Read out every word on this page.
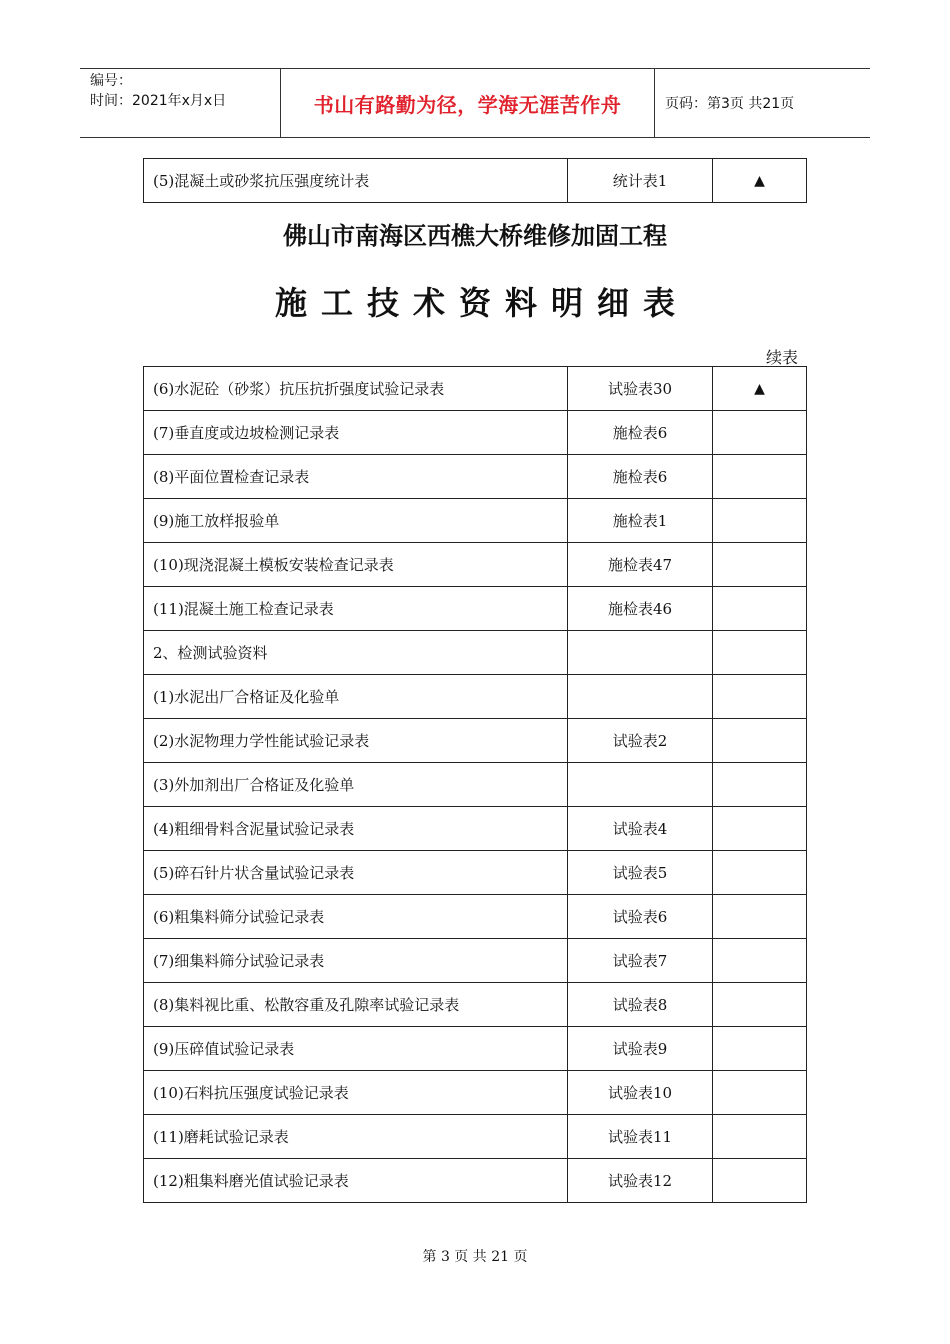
编号：
时间：2021年x月x日	书山有路勤为径，学海无涯苦作舟	页码：第3页 共21页
(5)混凝土或砂浆抗压强度统计表	统计表1	▲
佛山市南海区西樵大桥维修加固工程
施工技术资料明细表
续表
(6)水泥砼（砂浆）抗压抗折强度试验记录表	试验表30	▲
(7)垂直度或边坡检测记录表	施检表6	
(8)平面位置检查记录表	施检表6	
(9)施工放样报验单	施检表1	
(10)现浇混凝土模板安装检查记录表	施检表47	
(11)混凝土施工检查记录表	施检表46	
2、检测试验资料		
(1)水泥出厂合格证及化验单		
(2)水泥物理力学性能试验记录表	试验表2	
(3)外加剂出厂合格证及化验单		
(4)粗细骨料含泥量试验记录表	试验表4	
(5)碎石针片状含量试验记录表	试验表5	
(6)粗集料筛分试验记录表	试验表6	
(7)细集料筛分试验记录表	试验表7	
(8)集料视比重、松散容重及孔隙率试验记录表	试验表8	
(9)压碎值试验记录表	试验表9	
(10)石料抗压强度试验记录表	试验表10	
(11)磨耗试验记录表	试验表11	
(12)粗集料磨光值试验记录表	试验表12	
第 3 页 共 21 页
